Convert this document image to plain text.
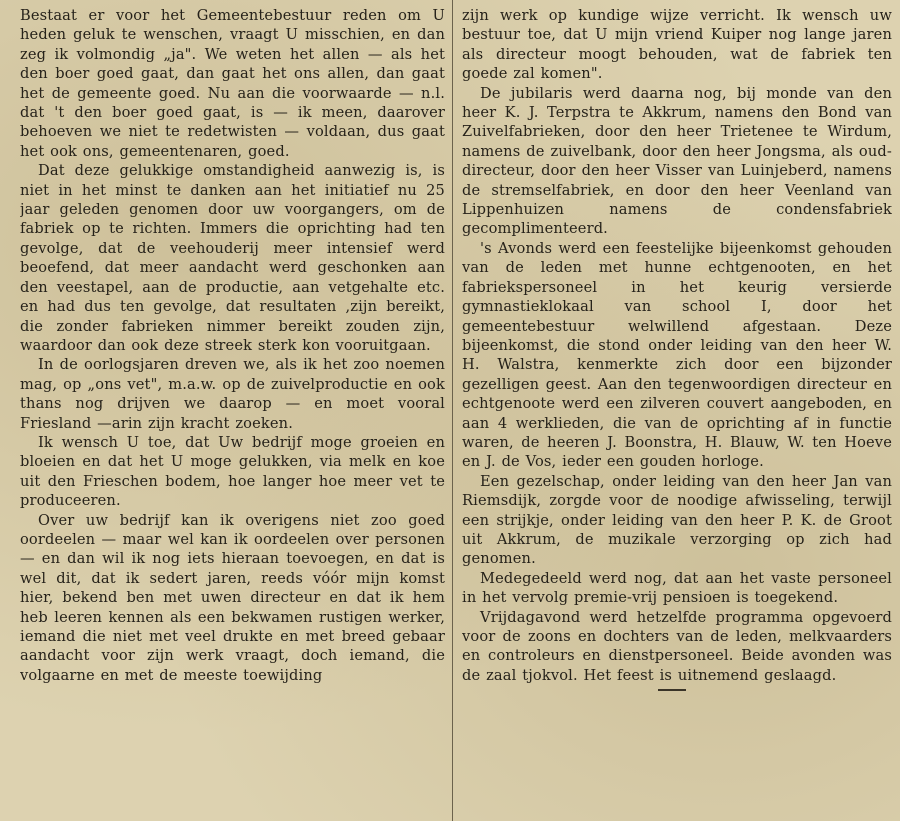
Bestaat er voor het Gemeentebestuur reden om U heden geluk te wenschen, vraagt U misschien, en dan zeg ik volmondig „ja". We weten het allen — als het den boer goed gaat, dan gaat het ons allen, dan gaat het de gemeente goed. Nu aan die voorwaarde — n.l. dat 't den boer goed gaat, is — ik meen, daarover behoeven we niet te redetwisten — voldaan, dus gaat het ook ons, gemeentenaren, goed.

Dat deze gelukkige omstandigheid aanwezig is, is niet in het minst te danken aan het initiatief nu 25 jaar geleden genomen door uw voorgangers, om de fabriek op te richten. Immers die oprichting had ten gevolge, dat de veehouderij meer intensief werd beoefend, dat meer aandacht werd geschonken aan den veestapel, aan de productie, aan vetgehalte etc. en had dus ten gevolge, dat resultaten ,zijn bereikt, die zonder fabrieken nimmer bereikt zouden zijn, waardoor dan ook deze streek sterk kon vooruitgaan.

In de oorlogsjaren dreven we, als ik het zoo noemen mag, op „ons vet", m.a.w. op de zuivelproductie en ook thans nog drijven we daarop — en moet vooral Friesland —arin zijn kracht zoeken.

Ik wensch U toe, dat Uw bedrijf moge groeien en bloeien en dat het U moge gelukken, via melk en koe uit den Frieschen bodem, hoe langer hoe meer vet te produceeren.

Over uw bedrijf kan ik overigens niet zoo goed oordeelen — maar wel kan ik oordeelen over personen — en dan wil ik nog iets hieraan toevoegen, en dat is wel dit, dat ik sedert jaren, reeds vóór mijn komst hier, bekend ben met uwen directeur en dat ik hem heb leeren kennen als een bekwamen rustigen werker, iemand die niet met veel drukte en met breed gebaar aandacht voor zijn werk vraagt, doch iemand, die volgaarne en met de meeste toewijding

zijn werk op kundige wijze verricht. Ik wensch uw bestuur toe, dat U mijn vriend Kuiper nog lange jaren als directeur moogt behouden, wat de fabriek ten goede zal komen".

De jubilaris werd daarna nog, bij monde van den heer K. J. Terpstra te Akkrum, namens den Bond van Zuivelfabrieken, door den heer Trietenee te Wirdum, namens de zuivelbank, door den heer Jongsma, als oud-directeur, door den heer Visser van Luinjeberd, namens de stremselfabriek, en door den heer Veenland van Lippenhuizen namens de condensfabriek gecomplimenteerd.

's Avonds werd een feestelijke bijeenkomst gehouden van de leden met hunne echtgenooten, en het fabriekspersoneel in het keurig versierde gymnastieklokaal van school I, door het gemeentebestuur welwillend afgestaan. Deze bijeenkomst, die stond onder leiding van den heer W. H. Walstra, kenmerkte zich door een bijzonder gezelligen geest. Aan den tegenwoordigen directeur en echtgenoote werd een zilveren couvert aangeboden, en aan 4 werklieden, die van de oprichting af in functie waren, de heeren J. Boonstra, H. Blauw, W. ten Hoeve en J. de Vos, ieder een gouden horloge.

Een gezelschap, onder leiding van den heer Jan van Riemsdijk, zorgde voor de noodige afwisseling, terwijl een strijkje, onder leiding van den heer P. K. de Groot uit Akkrum, de muzikale verzorging op zich had genomen.

Medegedeeld werd nog, dat aan het vaste personeel in het vervolg premie-vrij pensioen is toegekend.

Vrijdagavond werd hetzelfde programma opgevoerd voor de zoons en dochters van de leden, melkvaarders en controleurs en dienstpersoneel. Beide avonden was de zaal tjokvol. Het feest is uitnemend geslaagd.
